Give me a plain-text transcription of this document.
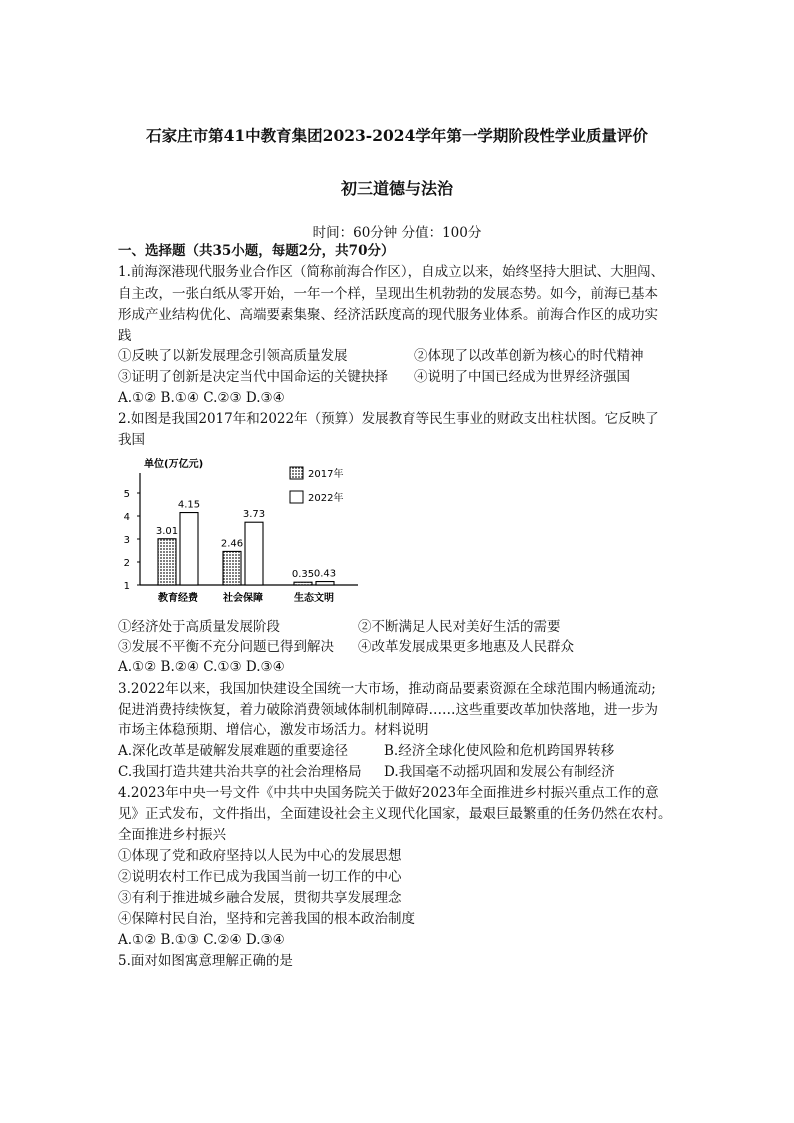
石家庄市第41中教育集团2023-2024学年第一学期阶段性学业质量评价
初三道德与法治
时间：60分钟 分值：100分
一、选择题（共35小题，每题2分，共70分）
1.前海深港现代服务业合作区（简称前海合作区），自成立以来，始终坚持大胆试、大胆闯、
自主改，一张白纸从零开始，一年一个样，呈现出生机勃勃的发展态势。如今，前海已基本
形成产业结构优化、高端要素集聚、经济活跃度高的现代服务业体系。前海合作区的成功实
践
①反映了以新发展理念引领高质量发展	②体现了以改革创新为核心的时代精神
③证明了创新是决定当代中国命运的关键抉择 ④说明了中国已经成为世界经济强国
A.①② B.①④ C.②③ D.③④
2.如图是我国2017年和2022年（预算）发展教育等民生事业的财政支出柱状图。它反映了
我国
单位(万亿元)
1
2
3
4
5
3.01
4.15
2.46
3.73
0.35 0.43
教育经费	社会保障	生态文明
2017年
2022年
①经济处于高质量发展阶段	②不断满足人民对美好生活的需要
③发展不平衡不充分问题已得到解决 ④改革发展成果更多地惠及人民群众
A.①② B.②④ C.①③ D.③④
3.2022年以来，我国加快建设全国统一大市场，推动商品要素资源在全球范围内畅通流动;
促进消费持续恢复，着力破除消费领域体制机制障碍……这些重要改革加快落地，进一步为
市场主体稳预期、增信心，激发市场活力。材料说明
A.深化改革是破解发展难题的重要途径	B.经济全球化使风险和危机跨国界转移
C.我国打造共建共治共享的社会治理格局 D.我国毫不动摇巩固和发展公有制经济
4.2023年中央一号文件《中共中央国务院关于做好2023年全面推进乡村振兴重点工作的意
见》正式发布，文件指出，全面建设社会主义现代化国家，最艰巨最繁重的任务仍然在农村。
全面推进乡村振兴
①体现了党和政府坚持以人民为中心的发展思想
②说明农村工作已成为我国当前一切工作的中心
③有利于推进城乡融合发展，贯彻共享发展理念
④保障村民自治，坚持和完善我国的根本政治制度
A.①② B.①③ C.②④ D.③④
5.面对如图寓意理解正确的是
